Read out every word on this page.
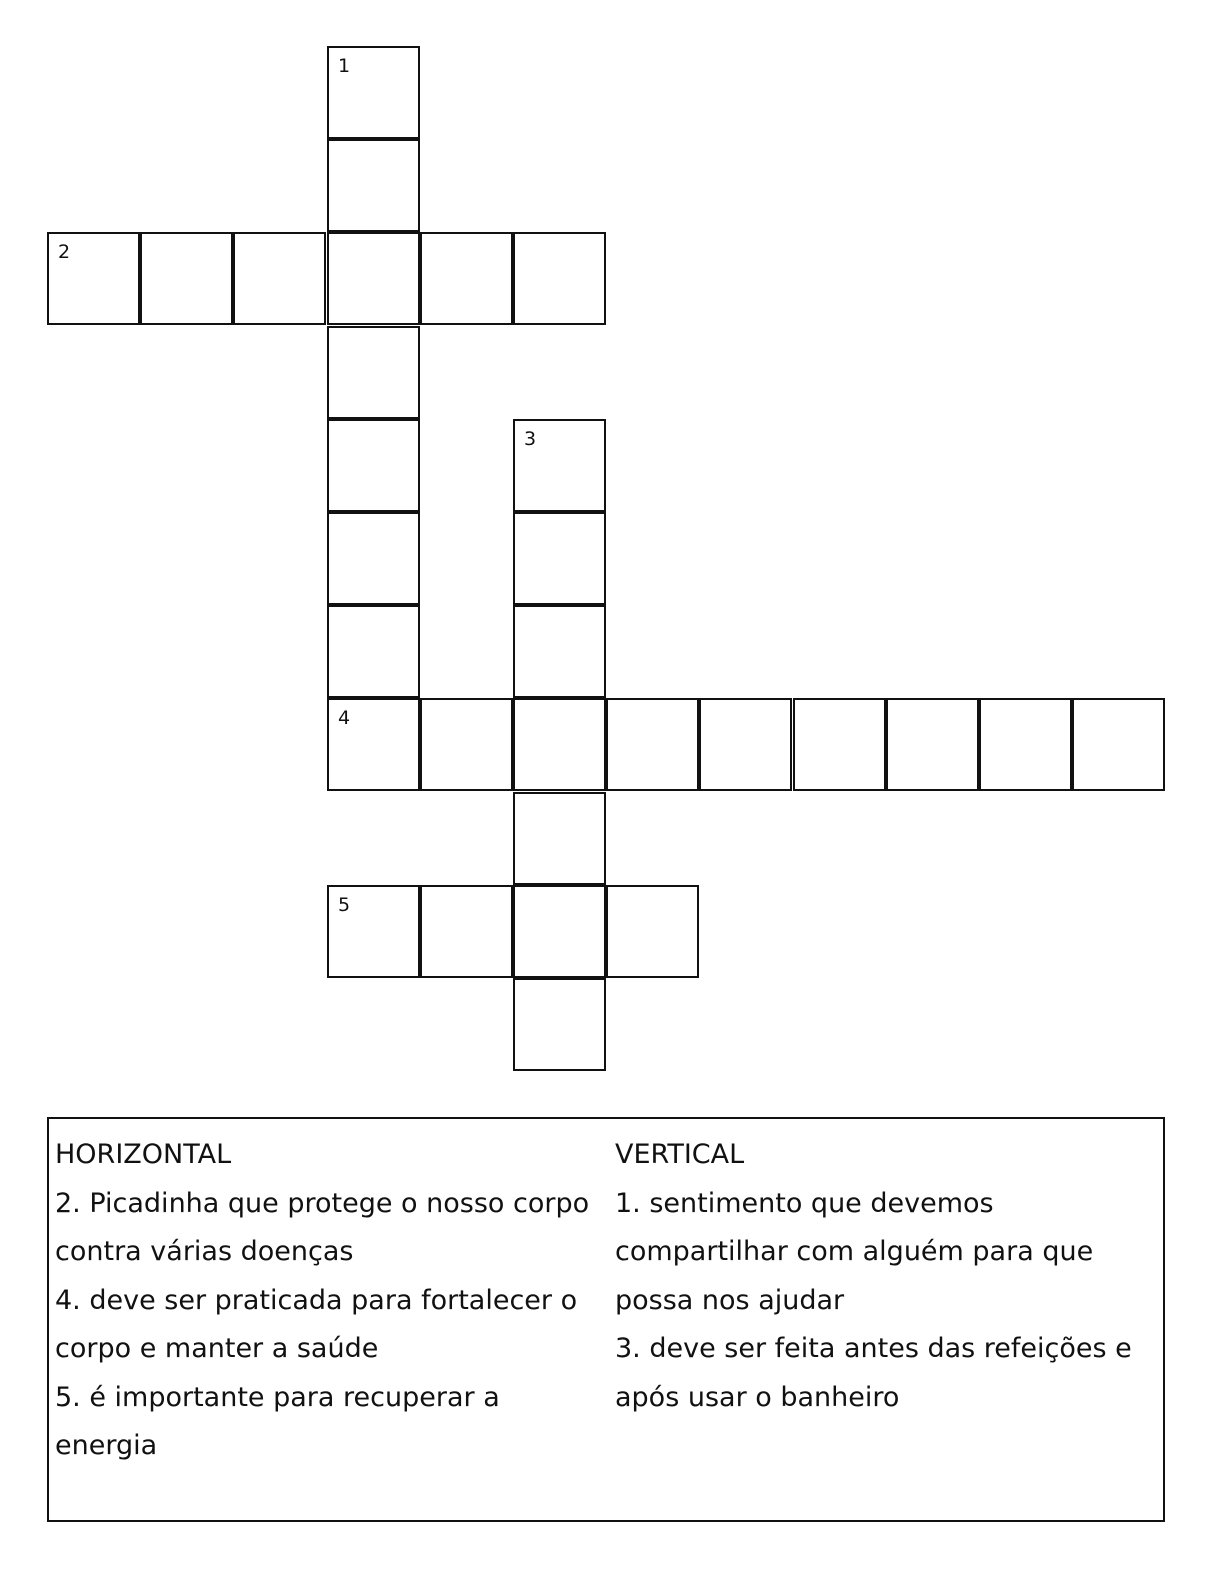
1
2
3
4
5
HORIZONTAL
2. Picadinha que protege o nosso corpo contra várias doenças
4. deve ser praticada para fortalecer o corpo e manter a saúde
5. é importante para recuperar a energia
VERTICAL
1. sentimento que devemos compartilhar com alguém para que possa nos ajudar
3. deve ser feita antes das refeições e após usar o banheiro
